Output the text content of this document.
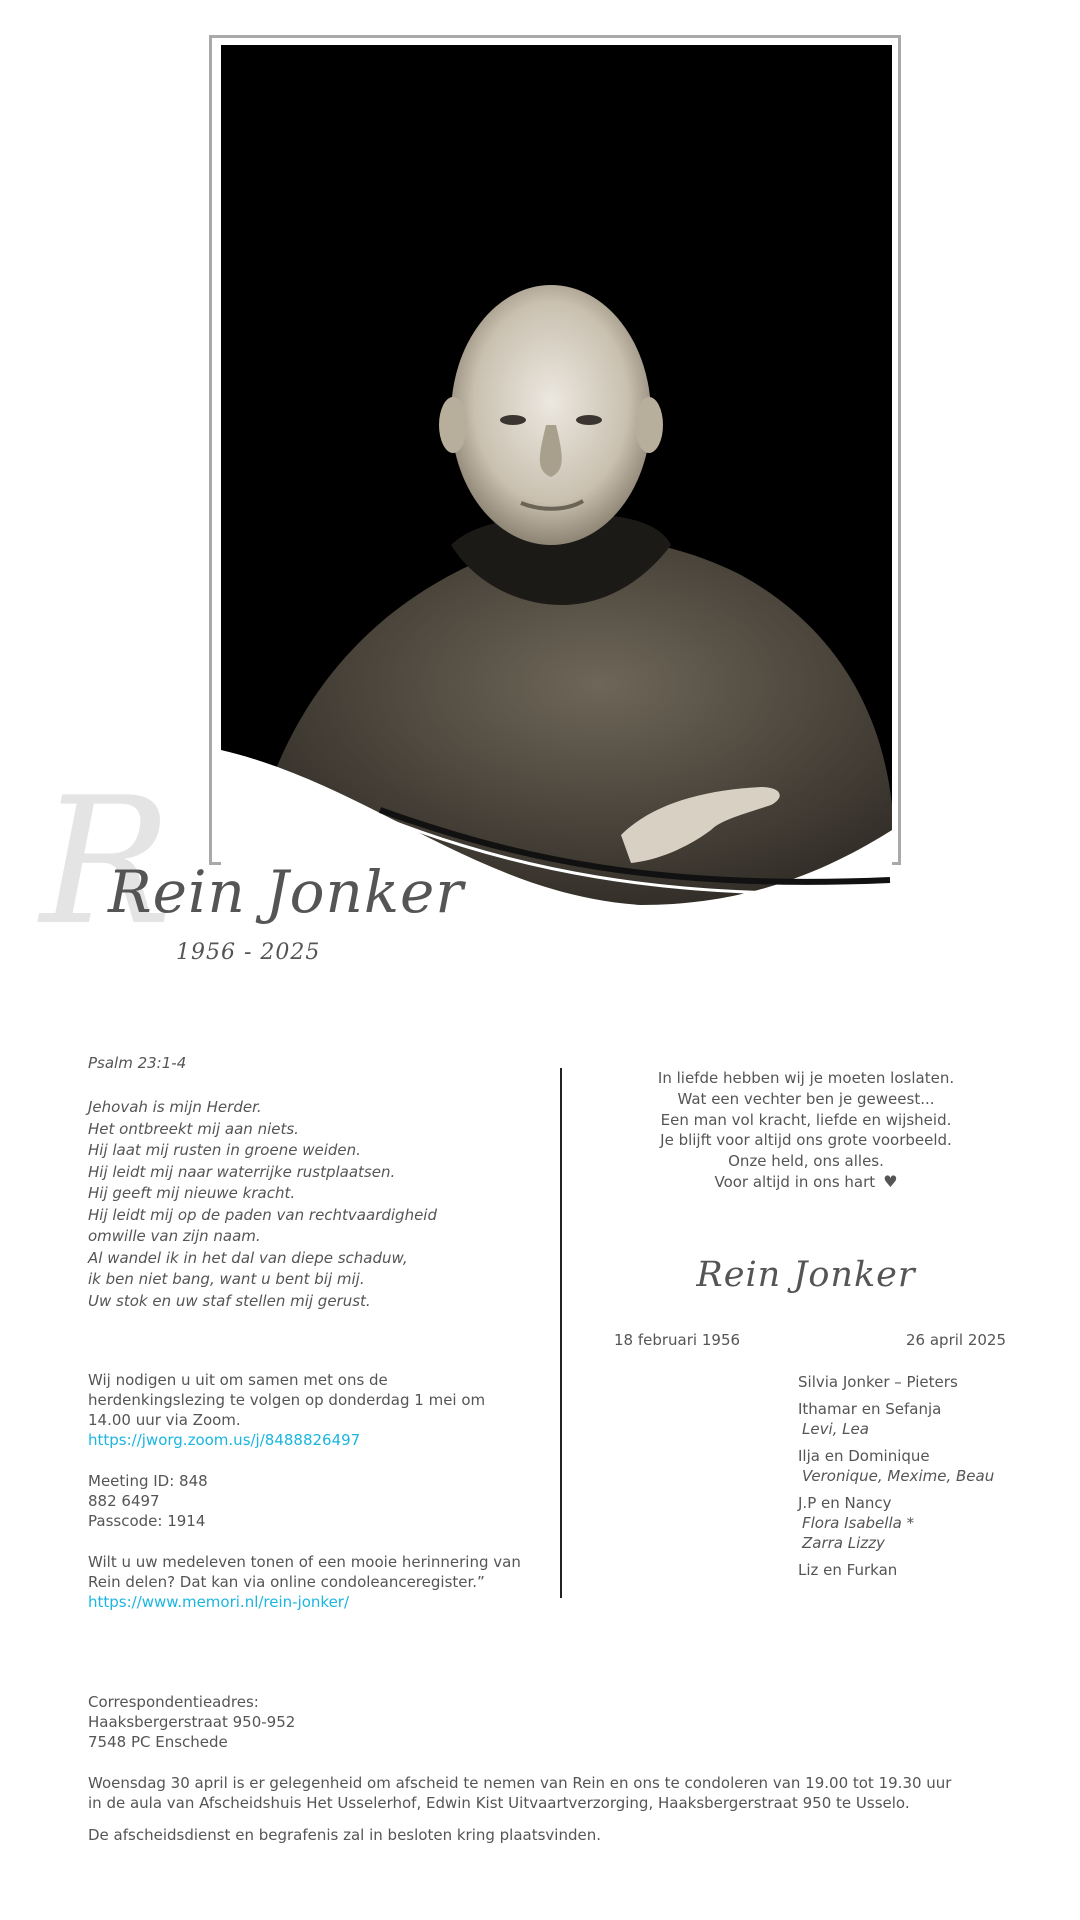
R
Rein Jonker
1956 - 2025
Psalm 23:1-4
Jehovah is mijn Herder.
Het ontbreekt mij aan niets.
Hij laat mij rusten in groene weiden.
Hij leidt mij naar waterrijke rustplaatsen.
Hij geeft mij nieuwe kracht.
Hij leidt mij op de paden van rechtvaardigheid
omwille van zijn naam.
Al wandel ik in het dal van diepe schaduw,
ik ben niet bang, want u bent bij mij.
Uw stok en uw staf stellen mij gerust.

Wij nodigen u uit om samen met ons de herdenkingslezing te volgen op donderdag 1 mei om 14.00 uur via Zoom.
https://jworg.zoom.us/j/8488826497

Meeting ID: 848
882 6497
Passcode: 1914

Wilt u uw medeleven tonen of een mooie herinnering van Rein delen? Dat kan via online condoleanceregister.”
https://www.memori.nl/rein-jonker/

In liefde hebben wij je moeten loslaten.
Wat een vechter ben je geweest...
Een man vol kracht, liefde en wijsheid.
Je blijft voor altijd ons grote voorbeeld.
Onze held, ons alles.
Voor altijd in ons hart ♥
Rein Jonker
18 februari 1956	26 april 2025
Silvia Jonker – Pieters
Ithamar en Sefanja
Levi, Lea
Ilja en Dominique
Veronique, Mexime, Beau
J.P en Nancy
Flora Isabella *
Zarra Lizzy
Liz en Furkan

Correspondentieadres:
Haaksbergerstraat 950-952
7548 PC Enschede

Woensdag 30 april is er gelegenheid om afscheid te nemen van Rein en ons te condoleren van 19.00 tot 19.30 uur
in de aula van Afscheidshuis Het Usselerhof, Edwin Kist Uitvaartverzorging, Haaksbergerstraat 950 te Usselo.

De afscheidsdienst en begrafenis zal in besloten kring plaatsvinden.
